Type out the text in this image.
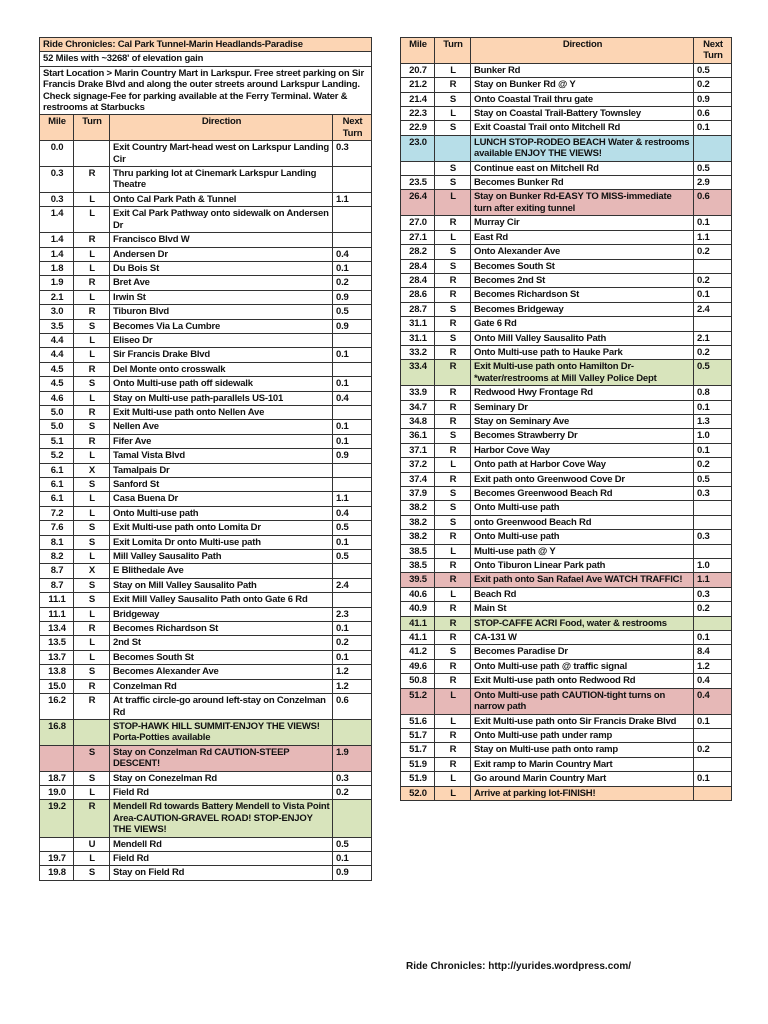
Ride Chronicles: Cal Park Tunnel-Marin Headlands-Paradise			
52 Miles with ~3268' of elevation gain			
Start Location > Marin Country Mart in Larkspur. Free street parking on Sir Francis Drake Blvd and along the outer streets around Larkspur Landing. Check signage-Fee for parking available at the Ferry Terminal. Water & restrooms at Starbucks			
Mile	Turn	Direction	Next Turn
0.0		Exit Country Mart-head west on Larkspur Landing Cir	0.3
0.3	R	Thru parking lot at Cinemark Larkspur Landing Theatre	
0.3	L	Onto Cal Park Path & Tunnel	1.1
1.4	L	Exit Cal Park Pathway onto sidewalk on Andersen Dr	
1.4	R	Francisco Blvd W	
1.4	L	Andersen Dr	0.4
1.8	L	Du Bois St	0.1
1.9	R	Bret Ave	0.2
2.1	L	Irwin St	0.9
3.0	R	Tiburon Blvd	0.5
3.5	S	Becomes Via La Cumbre	0.9
4.4	L	Eliseo Dr	
4.4	L	Sir Francis Drake Blvd	0.1
4.5	R	Del Monte onto crosswalk	
4.5	S	Onto Multi-use path off sidewalk	0.1
4.6	L	Stay on Multi-use path-parallels US-101	0.4
5.0	R	Exit Multi-use path onto Nellen Ave	
5.0	S	Nellen Ave	0.1
5.1	R	Fifer Ave	0.1
5.2	L	Tamal Vista Blvd	0.9
6.1	X	Tamalpais Dr	
6.1	S	Sanford St	
6.1	L	Casa Buena Dr	1.1
7.2	L	Onto Multi-use path	0.4
7.6	S	Exit Multi-use path onto Lomita Dr	0.5
8.1	S	Exit Lomita Dr onto Multi-use path	0.1
8.2	L	Mill Valley Sausalito Path	0.5
8.7	X	E Blithedale Ave	
8.7	S	Stay on Mill Valley Sausalito Path	2.4
11.1	S	Exit Mill Valley Sausalito Path onto Gate 6 Rd	
11.1	L	Bridgeway	2.3
13.4	R	Becomes Richardson St	0.1
13.5	L	2nd St	0.2
13.7	L	Becomes South St	0.1
13.8	S	Becomes Alexander Ave	1.2
15.0	R	Conzelman Rd	1.2
16.2	R	At traffic circle-go around left-stay on Conzelman Rd	0.6
16.8		STOP-HAWK HILL SUMMIT-ENJOY THE VIEWS! Porta-Potties available	
	S	Stay on Conzelman Rd CAUTION-STEEP DESCENT!	1.9
18.7	S	Stay on Conezelman Rd	0.3
19.0	L	Field Rd	0.2
19.2	R	Mendell Rd towards Battery Mendell to Vista Point Area-CAUTION-GRAVEL ROAD! STOP-ENJOY THE VIEWS!	
	U	Mendell Rd	0.5
19.7	L	Field Rd	0.1
19.8	S	Stay on Field Rd	0.9
Mile	Turn	Direction	Next Turn
20.7	L	Bunker Rd	0.5
21.2	R	Stay on Bunker Rd @ Y	0.2
21.4	S	Onto Coastal Trail thru gate	0.9
22.3	L	Stay on Coastal Trail-Battery Townsley	0.6
22.9	S	Exit Coastal Trail onto Mitchell Rd	0.1
23.0		LUNCH STOP-RODEO BEACH Water & restrooms available ENJOY THE VIEWS!	
	S	Continue east on Mitchell Rd	0.5
23.5	S	Becomes Bunker Rd	2.9
26.4	L	Stay on Bunker Rd-EASY TO MISS-immediate turn after exiting tunnel	0.6
27.0	R	Murray Cir	0.1
27.1	L	East Rd	1.1
28.2	S	Onto Alexander Ave	0.2
28.4	S	Becomes South St	
28.4	R	Becomes 2nd St	0.2
28.6	R	Becomes Richardson St	0.1
28.7	S	Becomes Bridgeway	2.4
31.1	R	Gate 6 Rd	
31.1	S	Onto Mill Valley Sausalito Path	2.1
33.2	R	Onto Multi-use path to Hauke Park	0.2
33.4	R	Exit Multi-use path onto Hamilton Dr-*water/restrooms at Mill Valley Police Dept	0.5
33.9	R	Redwood Hwy Frontage Rd	0.8
34.7	R	Seminary Dr	0.1
34.8	R	Stay on Seminary Ave	1.3
36.1	S	Becomes Strawberry Dr	1.0
37.1	R	Harbor Cove Way	0.1
37.2	L	Onto path at Harbor Cove Way	0.2
37.4	R	Exit path onto Greenwood Cove Dr	0.5
37.9	S	Becomes Greenwood Beach Rd	0.3
38.2	S	Onto Multi-use path	
38.2	S	onto Greenwood Beach Rd	
38.2	R	Onto Multi-use path	0.3
38.5	L	Multi-use path @ Y	
38.5	R	Onto Tiburon Linear Park path	1.0
39.5	R	Exit path onto San Rafael Ave WATCH TRAFFIC!	1.1
40.6	L	Beach Rd	0.3
40.9	R	Main St	0.2
41.1	R	STOP-CAFFE ACRI Food, water & restrooms	
41.1	R	CA-131 W	0.1
41.2	S	Becomes Paradise Dr	8.4
49.6	R	Onto Multi-use path @ traffic signal	1.2
50.8	R	Exit Multi-use path onto Redwood Rd	0.4
51.2	L	Onto Multi-use path CAUTION-tight turns on narrow path	0.4
51.6	L	Exit Multi-use path onto Sir Francis Drake Blvd	0.1
51.7	R	Onto Multi-use path under ramp	
51.7	R	Stay on Multi-use path onto ramp	0.2
51.9	R	Exit ramp to Marin Country Mart	
51.9	L	Go around Marin Country Mart	0.1
52.0	L	Arrive at parking lot-FINISH!	
Ride Chronicles: http://yurides.wordpress.com/
